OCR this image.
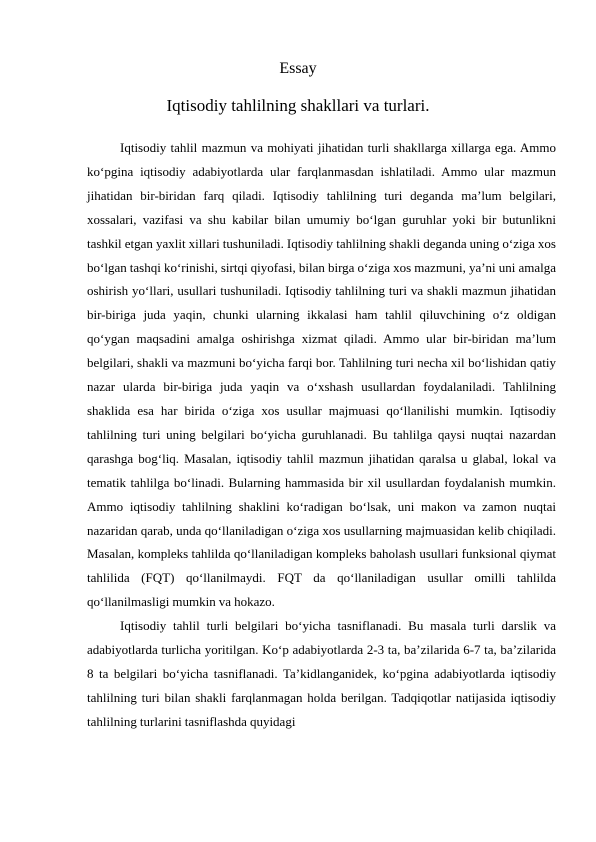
Essay
Iqtisodiy tahlilning shakllari va turlari.

Iqtisodiy tahlil mazmun va mohiyati jihatidan turli shakllarga xillarga ega. Ammo koʻpgina iqtisodiy adabiyotlarda ular farqlanmasdan ishlatiladi. Ammo ular mazmun jihatidan bir-biridan farq qiladi. Iqtisodiy tahlilning turi deganda maʼlum belgilari, xossalari, vazifasi va shu kabilar bilan umumiy boʻlgan guruhlar yoki bir butunlikni tashkil etgan yaxlit xillari tushuniladi. Iqtisodiy tahlilning shakli deganda uning oʻziga xos boʻlgan tashqi koʻrinishi, sirtqi qiyofasi, bilan birga oʻziga xos mazmuni, yaʼni uni amalga oshirish yoʻllari, usullari tushuniladi. Iqtisodiy tahlilning turi va shakli mazmun jihatidan bir-biriga juda yaqin, chunki ularning ikkalasi ham tahlil qiluvchining oʻz oldigan qoʻygan maqsadini amalga oshirishga xizmat qiladi. Ammo ular bir-biridan maʼlum belgilari, shakli va mazmuni boʻyicha farqi bor. Tahlilning turi necha xil boʻlishidan qatiy nazar ularda bir-biriga juda yaqin va oʻxshash usullardan foydalaniladi. Tahlilning shaklida esa har birida oʻziga xos usullar majmuasi qoʻllanilishi mumkin. Iqtisodiy tahlilning turi uning belgilari boʻyicha guruhlanadi. Bu tahlilga qaysi nuqtai nazardan qarashga bogʻliq. Masalan, iqtisodiy tahlil mazmun jihatidan qaralsa u glabal, lokal va tematik tahlilga boʻlinadi. Bularning hammasida bir xil usullardan foydalanish mumkin. Ammo iqtisodiy tahlilning shaklini koʻradigan boʻlsak, uni makon va zamon nuqtai nazaridan qarab, unda qoʻllaniladigan oʻziga xos usullarning majmuasidan kelib chiqiladi. Masalan, kompleks tahlilda qoʻllaniladigan kompleks baholash usullari funksional qiymat tahlilida (FQT) qoʻllanilmaydi. FQT da qoʻllaniladigan usullar omilli tahlilda qoʻllanilmasligi mumkin va hokazo.

Iqtisodiy tahlil turli belgilari boʻyicha tasniflanadi. Bu masala turli darslik va adabiyotlarda turlicha yoritilgan. Koʻp adabiyotlarda 2-3 ta, baʼzilarida 6-7 ta, baʼzilarida 8 ta belgilari boʻyicha tasniflanadi. Taʼkidlanganidek, koʻpgina adabiyotlarda iqtisodiy tahlilning turi bilan shakli farqlanmagan holda berilgan. Tadqiqotlar natijasida iqtisodiy tahlilning turlarini tasniflashda quyidagi
